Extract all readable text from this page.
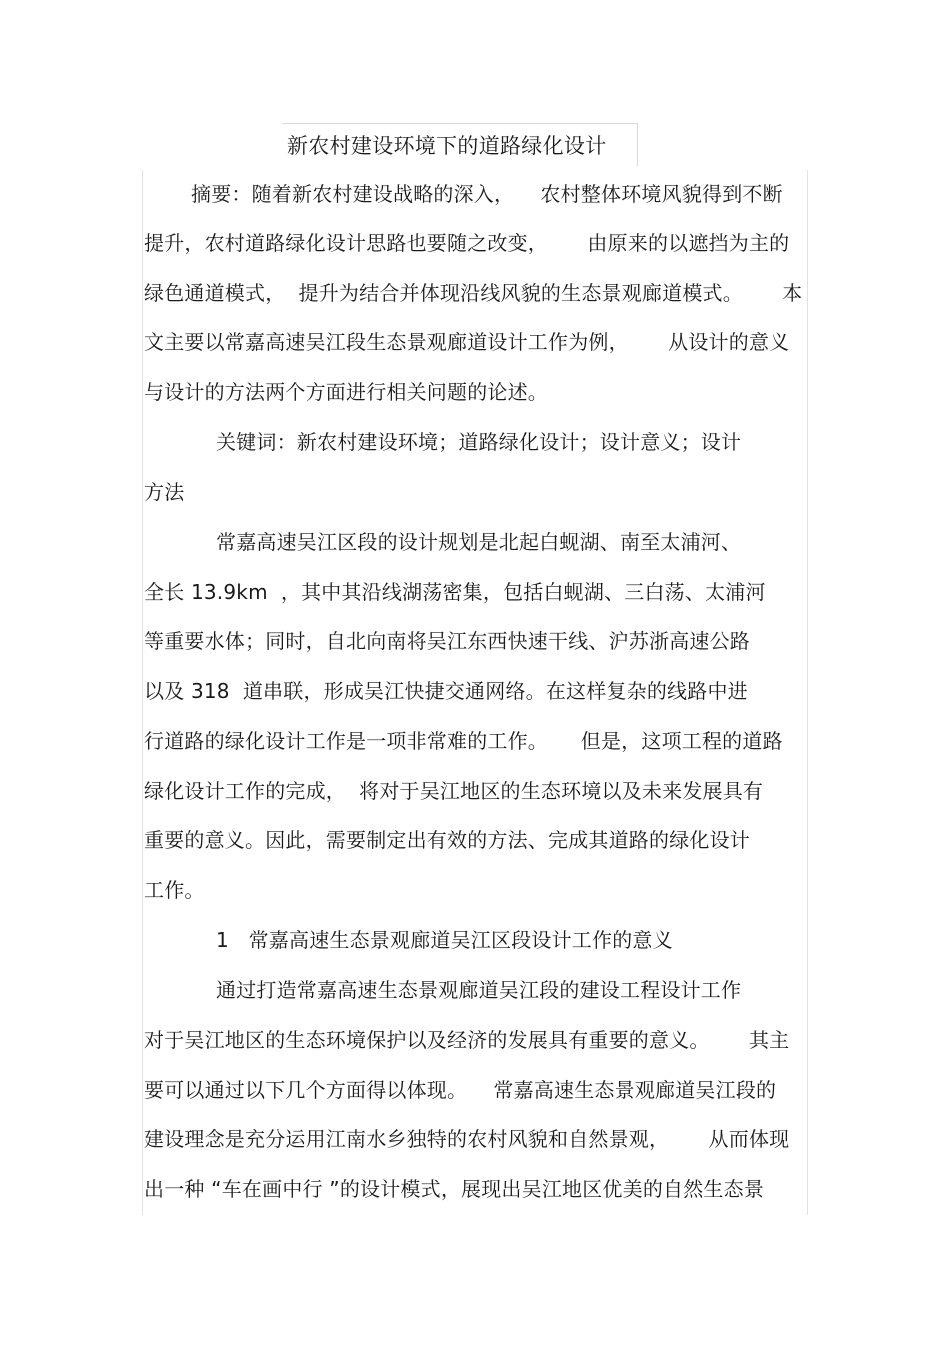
新农村建设环境下的道路绿化设计
摘要：随着新农村建设战略的深入，    农村整体环境风貌得到不断
提升，农村道路绿化设计思路也要随之改变，      由原来的以遮挡为主的
绿色通道模式，  提升为结合并体现沿线风貌的生态景观廊道模式。      本
文主要以常嘉高速吴江段生态景观廊道设计工作为例，      从设计的意义
与设计的方法两个方面进行相关问题的论述。
关键词：新农村建设环境；道路绿化设计；设计意义；设计
方法
常嘉高速吴江区段的设计规划是北起白蚬湖、南至太浦河、
全长 13.9km  ，其中其沿线湖荡密集，包括白蚬湖、三白荡、太浦河
等重要水体；同时，自北向南将吴江东西快速干线、沪苏浙高速公路
以及 318  道串联，形成吴江快捷交通网络。在这样复杂的线路中进
行道路的绿化设计工作是一项非常难的工作。     但是，这项工程的道路
绿化设计工作的完成，  将对于吴江地区的生态环境以及未来发展具有
重要的意义。因此，需要制定出有效的方法、完成其道路的绿化设计
工作。
1   常嘉高速生态景观廊道吴江区段设计工作的意义
通过打造常嘉高速生态景观廊道吴江段的建设工程设计工作
对于吴江地区的生态环境保护以及经济的发展具有重要的意义。      其主
要可以通过以下几个方面得以体现。    常嘉高速生态景观廊道吴江段的
建设理念是充分运用江南水乡独特的农村风貌和自然景观，      从而体现
出一种 “车在画中行 ”的设计模式，展现出吴江地区优美的自然生态景
